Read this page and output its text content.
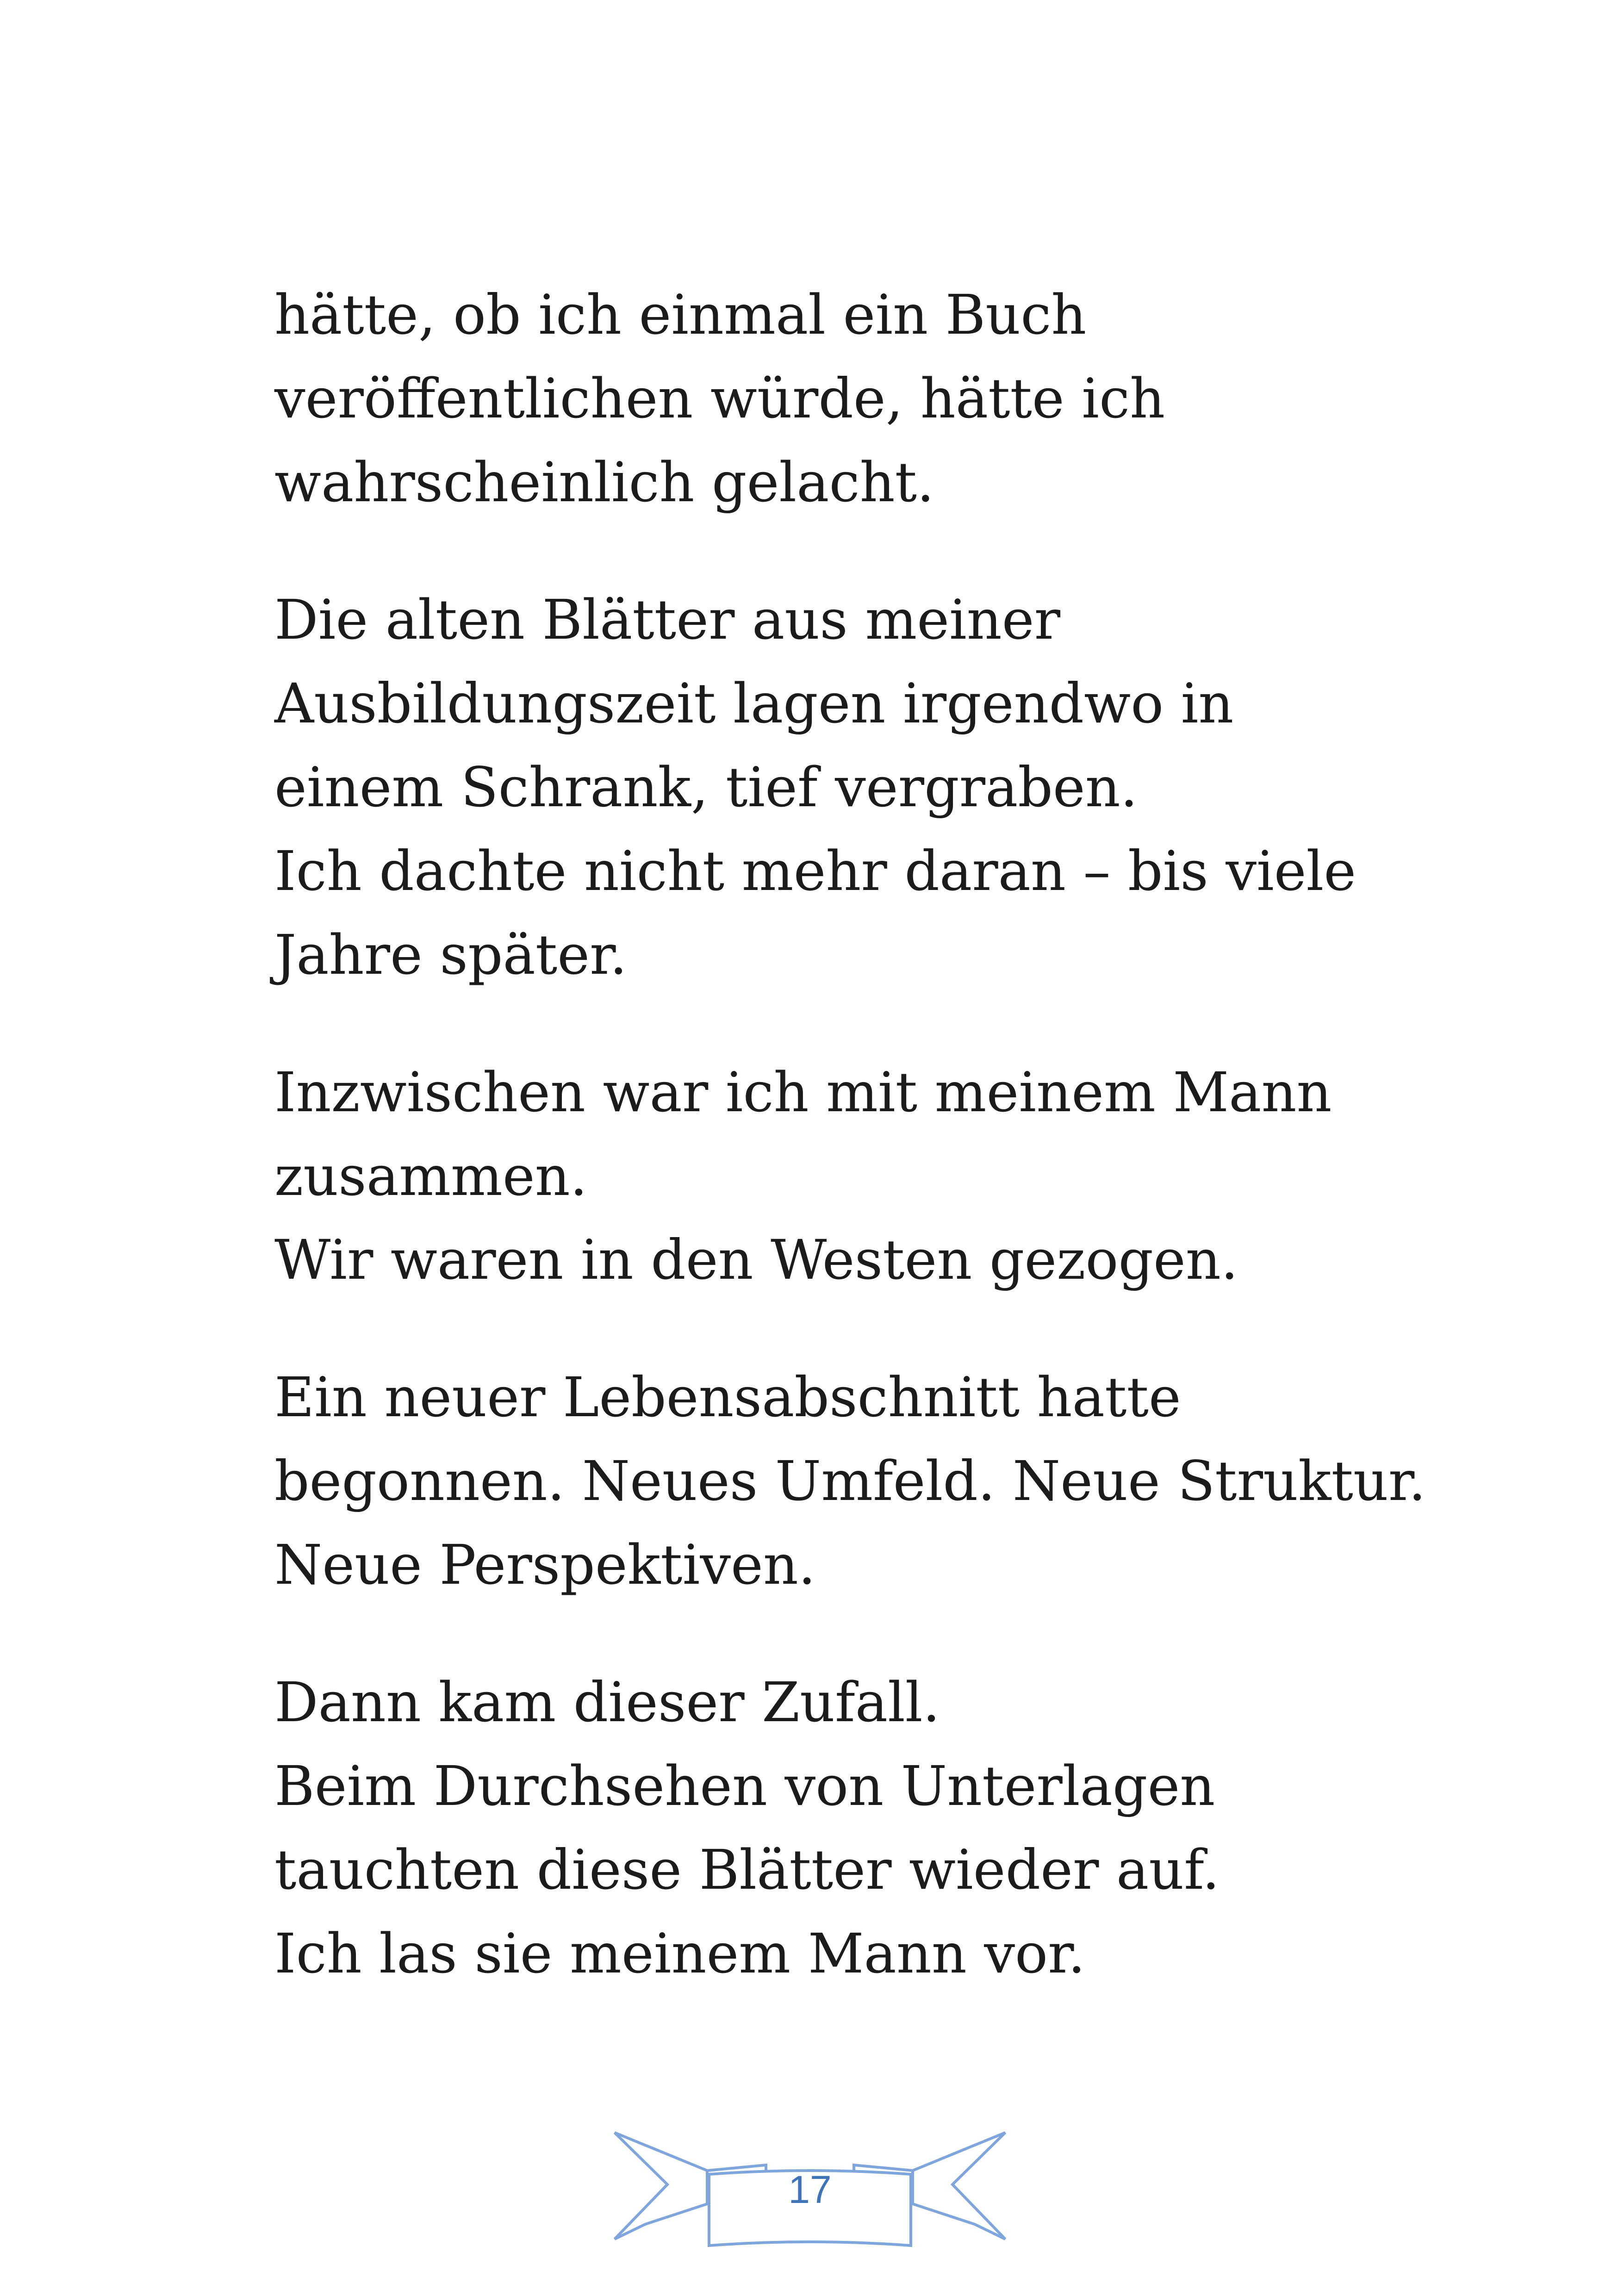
hätte, ob ich einmal ein Buch
veröffentlichen würde, hätte ich
wahrscheinlich gelacht.

Die alten Blätter aus meiner
Ausbildungszeit lagen irgendwo in
einem Schrank, tief vergraben.
Ich dachte nicht mehr daran – bis viele
Jahre später.

Inzwischen war ich mit meinem Mann
zusammen.
Wir waren in den Westen gezogen.

Ein neuer Lebensabschnitt hatte
begonnen. Neues Umfeld. Neue Struktur.
Neue Perspektiven.

Dann kam dieser Zufall.
Beim Durchsehen von Unterlagen
tauchten diese Blätter wieder auf.
Ich las sie meinem Mann vor.

17
